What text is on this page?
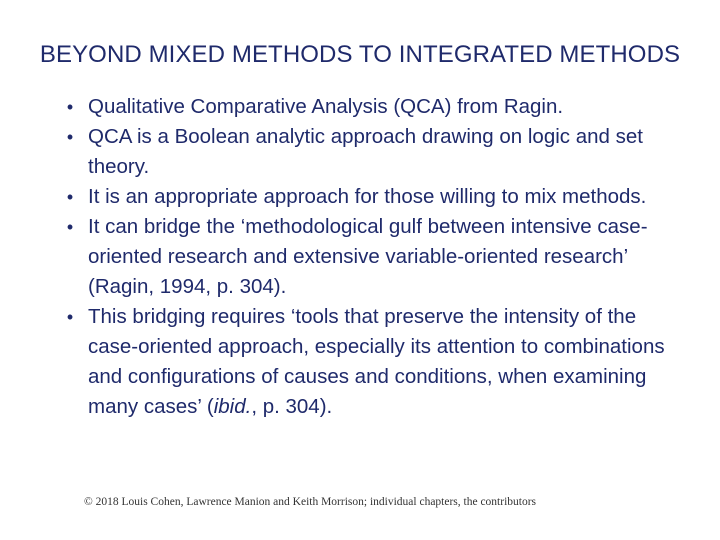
BEYOND MIXED METHODS TO INTEGRATED METHODS
• Qualitative Comparative Analysis (QCA) from Ragin.
• QCA is a Boolean analytic approach drawing on logic and set theory.
• It is an appropriate approach for those willing to mix methods.
• It can bridge the ‘methodological gulf between intensive case-oriented research and extensive variable-oriented research’ (Ragin, 1994, p. 304).
• This bridging requires ‘tools that preserve the intensity of the case-oriented approach, especially its attention to combinations and configurations of causes and conditions, when examining many cases’ (ibid., p. 304).
© 2018 Louis Cohen, Lawrence Manion and Keith Morrison; individual chapters, the contributors
